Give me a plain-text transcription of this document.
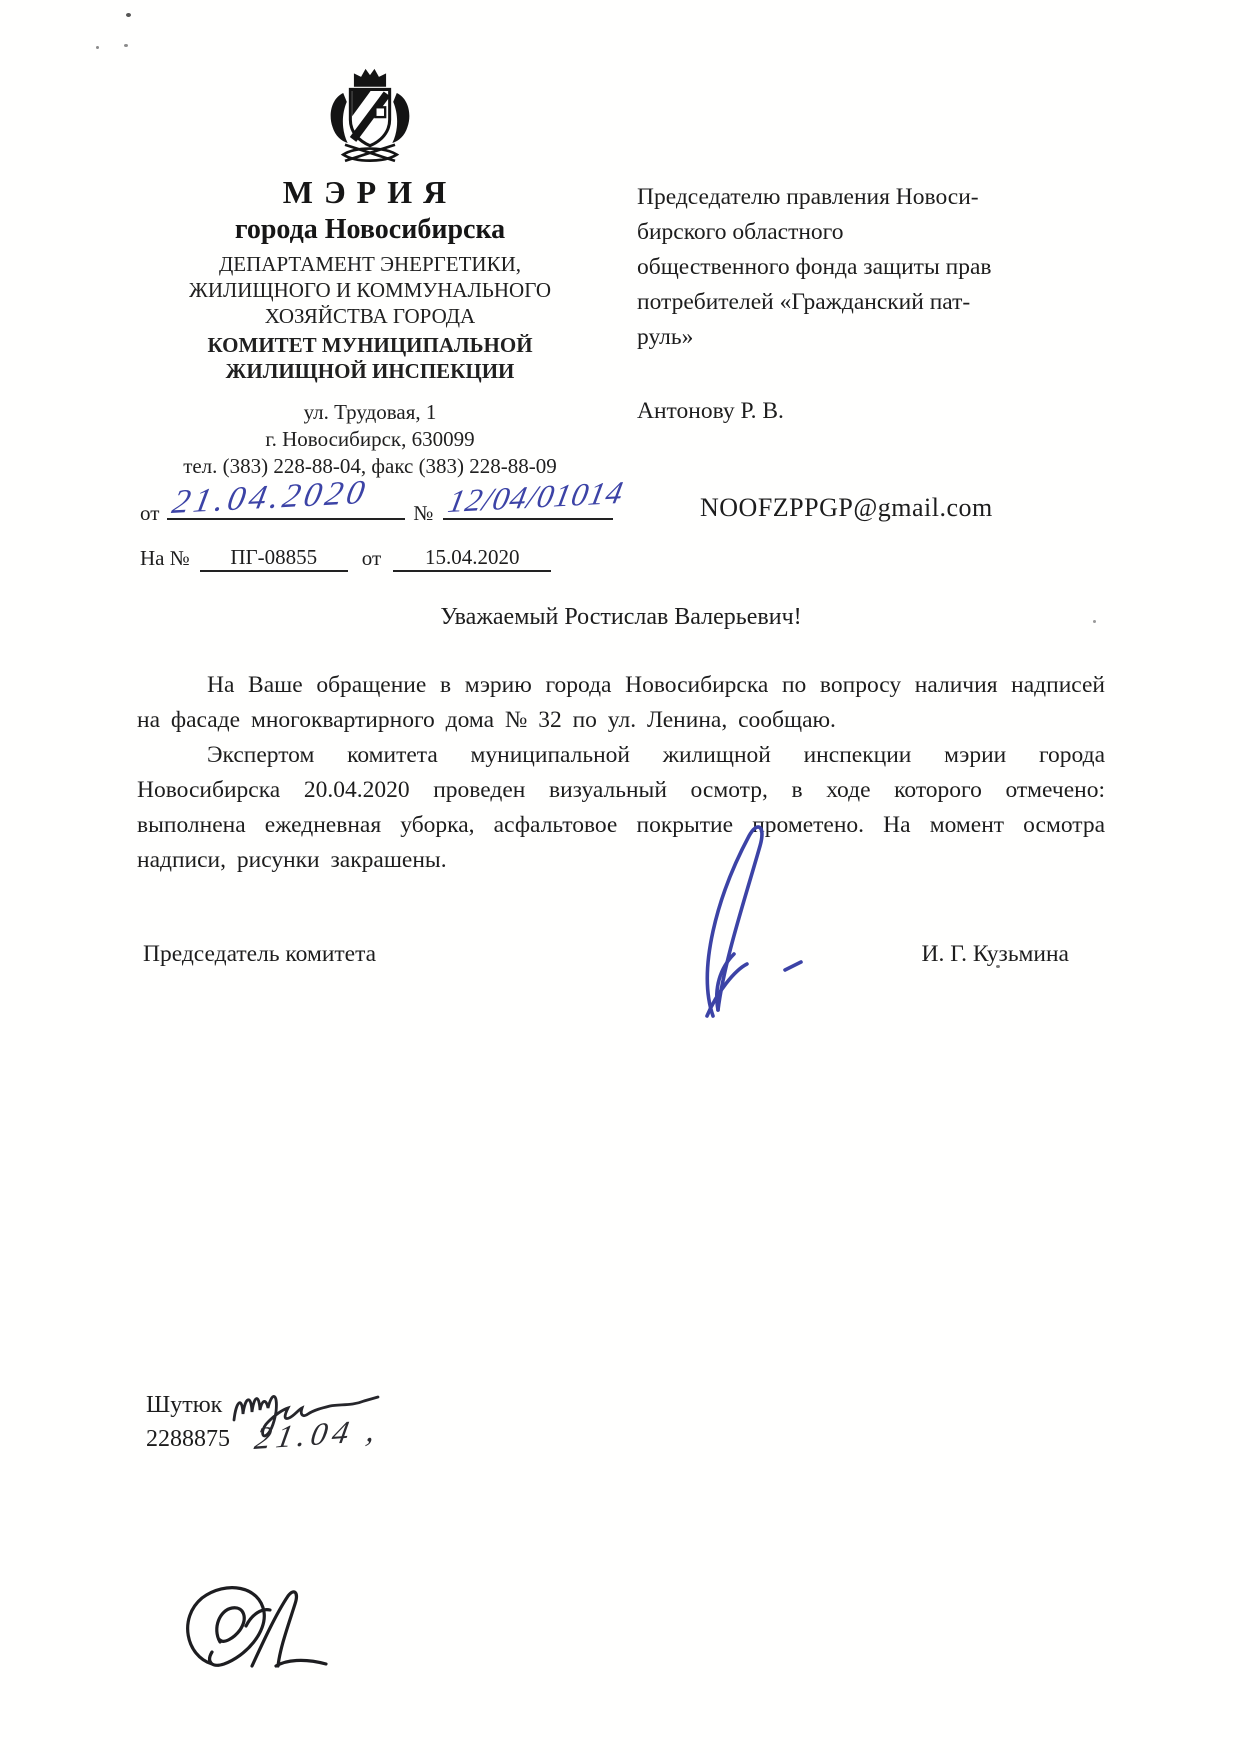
МЭРИЯ
города Новосибирска
ДЕПАРТАМЕНТ ЭНЕРГЕТИКИ,
ЖИЛИЩНОГО И КОММУНАЛЬНОГО
ХОЗЯЙСТВА ГОРОДА
КОМИТЕТ МУНИЦИПАЛЬНОЙ
ЖИЛИЩНОЙ ИНСПЕКЦИИ
ул. Трудовая, 1
г. Новосибирск, 630099
тел. (383) 228-88-04, факс (383) 228-88-09
от 21.04.2020 № 12/04/01014
На № ПГ-08855 от 15.04.2020
Председателю правления Новоси-
бирского областного
общественного фонда защиты прав
потребителей «Гражданский пат-
руль»
Антонову Р. В.
NOOFZPPGP@gmail.com
Уважаемый Ростислав Валерьевич!

На Ваше обращение в мэрию города Новосибирска по вопросу наличия надписей на фасаде многоквартирного дома № 32 по ул. Ленина, сообщаю.

Экспертом комитета муниципальной жилищной инспекции мэрии города Новосибирска 20.04.2020 проведен визуальный осмотр, в ходе которого отмечено: выполнена ежедневная уборка, асфальтовое покрытие прометено. На момент осмотра надписи, рисунки закрашены.

Председатель комитета	И. Г. Кузьмина
Шутюк
2288875 21.04 ,
